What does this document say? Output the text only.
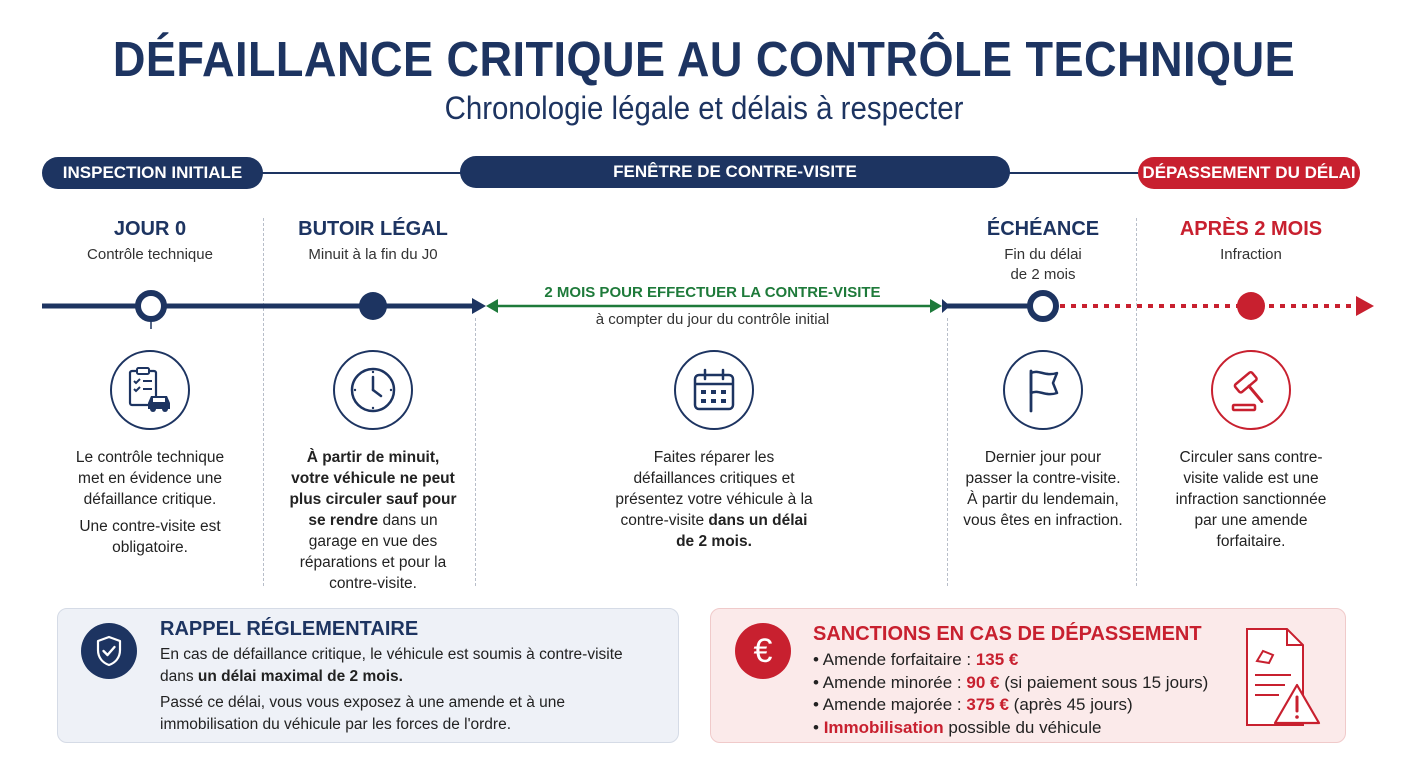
DÉFAILLANCE CRITIQUE AU CONTRÔLE TECHNIQUE
Chronologie légale et délais à respecter
INSPECTION INITIALE	FENÊTRE DE CONTRE-VISITE	DÉPASSEMENT DU DÉLAI
JOUR 0
Contrôle technique
BUTOIR LÉGAL
Minuit à la fin du J0
ÉCHÉANCE
Fin du délai
de 2 mois
APRÈS 2 MOIS
Infraction
2 MOIS POUR EFFECTUER LA CONTRE-VISITE
à compter du jour du contrôle initial

Le contrôle technique met en évidence une défaillance critique.

Une contre-visite est obligatoire.

À partir de minuit, votre véhicule ne peut plus circuler sauf pour se rendre dans un garage en vue des réparations et pour la contre-visite.
Faites réparer les défaillances critiques et présentez votre véhicule à la contre-visite dans un délai de 2 mois.
Dernier jour pour passer la contre-visite. À partir du lendemain, vous êtes en infraction.
Circuler sans contre-visite valide est une infraction sanctionnée par une amende forfaitaire.
RAPPEL RÉGLEMENTAIRE

En cas de défaillance critique, le véhicule est soumis à contre-visite dans un délai maximal de 2 mois.

Passé ce délai, vous vous exposez à une amende et à une immobilisation du véhicule par les forces de l'ordre.

€	SANCTIONS EN CAS DE DÉPASSEMENT
• Amende forfaitaire : 135 €
• Amende minorée : 90 € (si paiement sous 15 jours)
• Amende majorée : 375 € (après 45 jours)
• Immobilisation possible du véhicule
